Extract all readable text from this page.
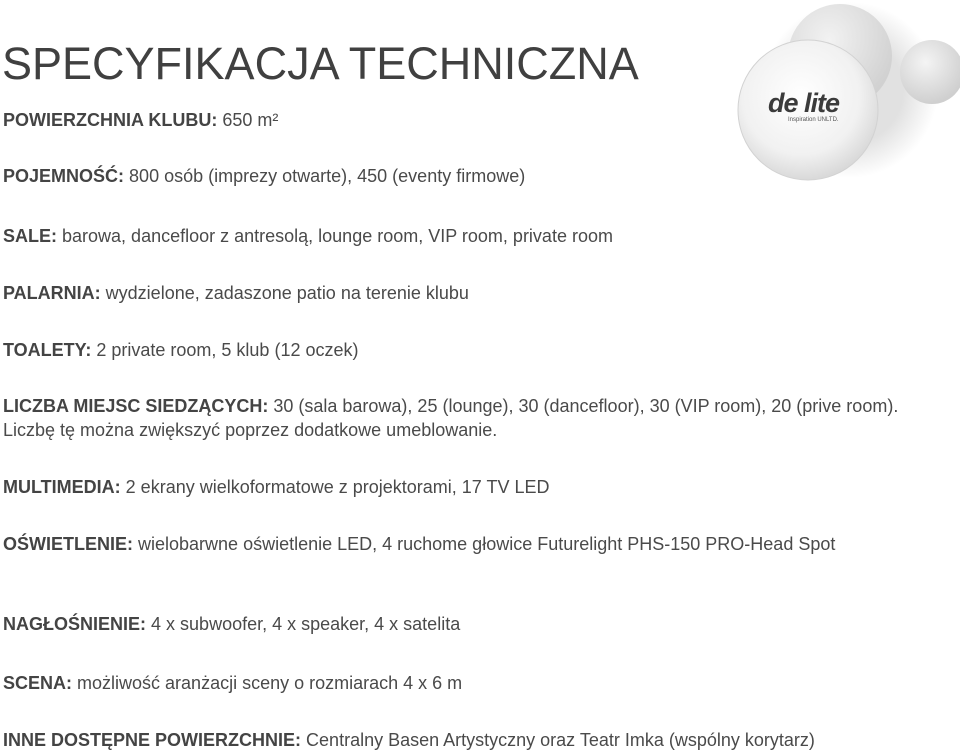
SPECYFIKACJA TECHNICZNA
de lite
Inspiration UNLTD.

POWIERZCHNIA KLUBU: 650 m²

POJEMNOŚĆ: 800 osób (imprezy otwarte), 450 (eventy firmowe)

SALE: barowa, dancefloor z antresolą, lounge room, VIP room, private room

PALARNIA: wydzielone, zadaszone patio na terenie klubu

TOALETY: 2 private room, 5 klub (12 oczek)

LICZBA MIEJSC SIEDZĄCYCH: 30 (sala barowa), 25 (lounge), 30 (dancefloor), 30 (VIP room), 20 (prive room). Liczbę tę można zwiększyć poprzez dodatkowe umeblowanie.

MULTIMEDIA: 2 ekrany wielkoformatowe z projektorami, 17 TV LED

OŚWIETLENIE: wielobarwne oświetlenie LED, 4 ruchome głowice Futurelight PHS-150 PRO-Head Spot

NAGŁOŚNIENIE: 4 x subwoofer, 4 x speaker, 4 x satelita

SCENA: możliwość aranżacji sceny o rozmiarach 4 x 6 m

INNE DOSTĘPNE POWIERZCHNIE: Centralny Basen Artystyczny oraz Teatr Imka (wspólny korytarz)
